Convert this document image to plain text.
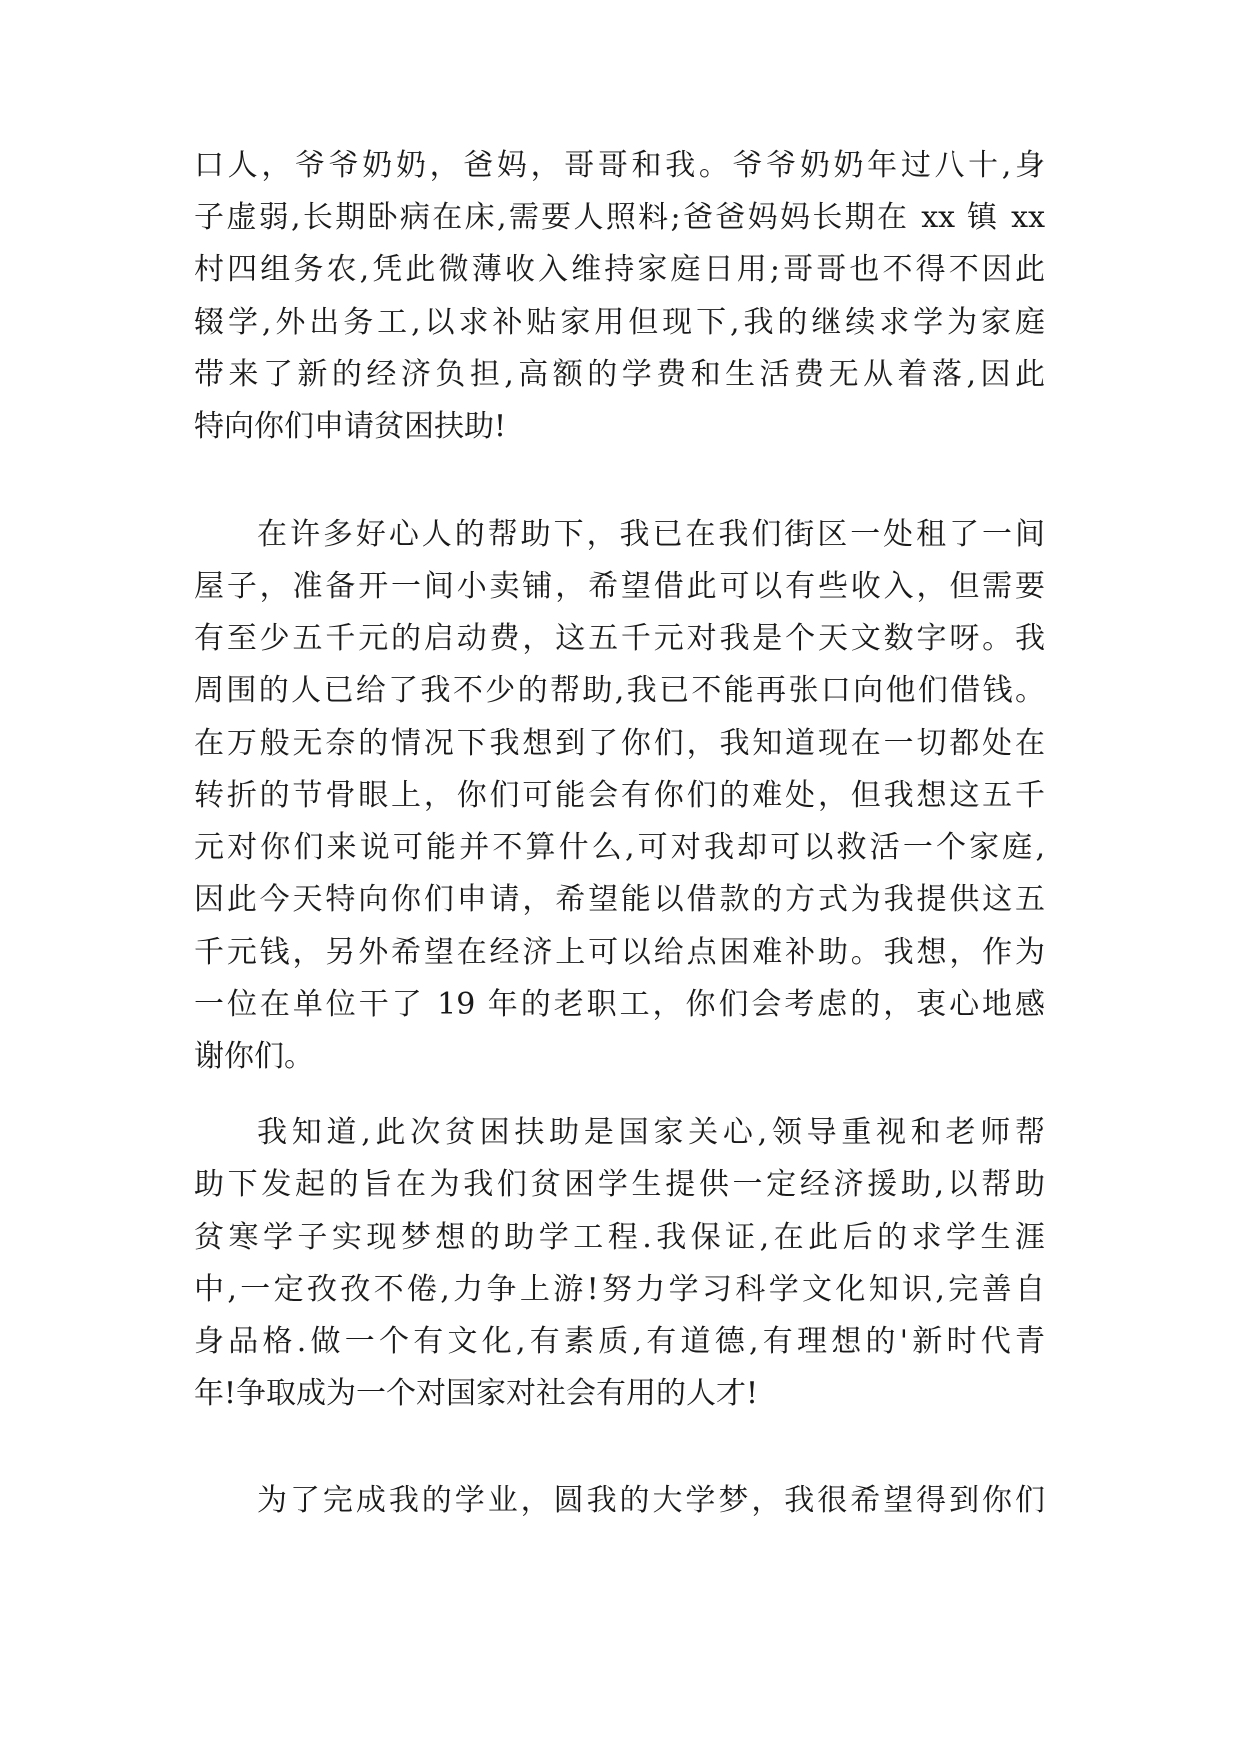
口人，爷爷奶奶，爸妈，哥哥和我。爷爷奶奶年过八十,身
子虚弱,长期卧病在床,需要人照料;爸爸妈妈长期在 xx 镇 xx
村四组务农,凭此微薄收入维持家庭日用;哥哥也不得不因此
辍学,外出务工,以求补贴家用但现下,我的继续求学为家庭
带来了新的经济负担,高额的学费和生活费无从着落,因此
特向你们申请贫困扶助!
在许多好心人的帮助下，我已在我们街区一处租了一间
屋子，准备开一间小卖铺，希望借此可以有些收入，但需要
有至少五千元的启动费，这五千元对我是个天文数字呀。我
周围的人已给了我不少的帮助,我已不能再张口向他们借钱。
在万般无奈的情况下我想到了你们，我知道现在一切都处在
转折的节骨眼上，你们可能会有你们的难处，但我想这五千
元对你们来说可能并不算什么,可对我却可以救活一个家庭,
因此今天特向你们申请，希望能以借款的方式为我提供这五
千元钱，另外希望在经济上可以给点困难补助。我想，作为
一位在单位干了 19 年的老职工，你们会考虑的，衷心地感
谢你们。
我知道,此次贫困扶助是国家关心,领导重视和老师帮
助下发起的旨在为我们贫困学生提供一定经济援助,以帮助
贫寒学子实现梦想的助学工程.我保证,在此后的求学生涯
中,一定孜孜不倦,力争上游!努力学习科学文化知识,完善自
身品格.做一个有文化,有素质,有道德,有理想的'新时代青
年!争取成为一个对国家对社会有用的人才!
为了完成我的学业，圆我的大学梦，我很希望得到你们
